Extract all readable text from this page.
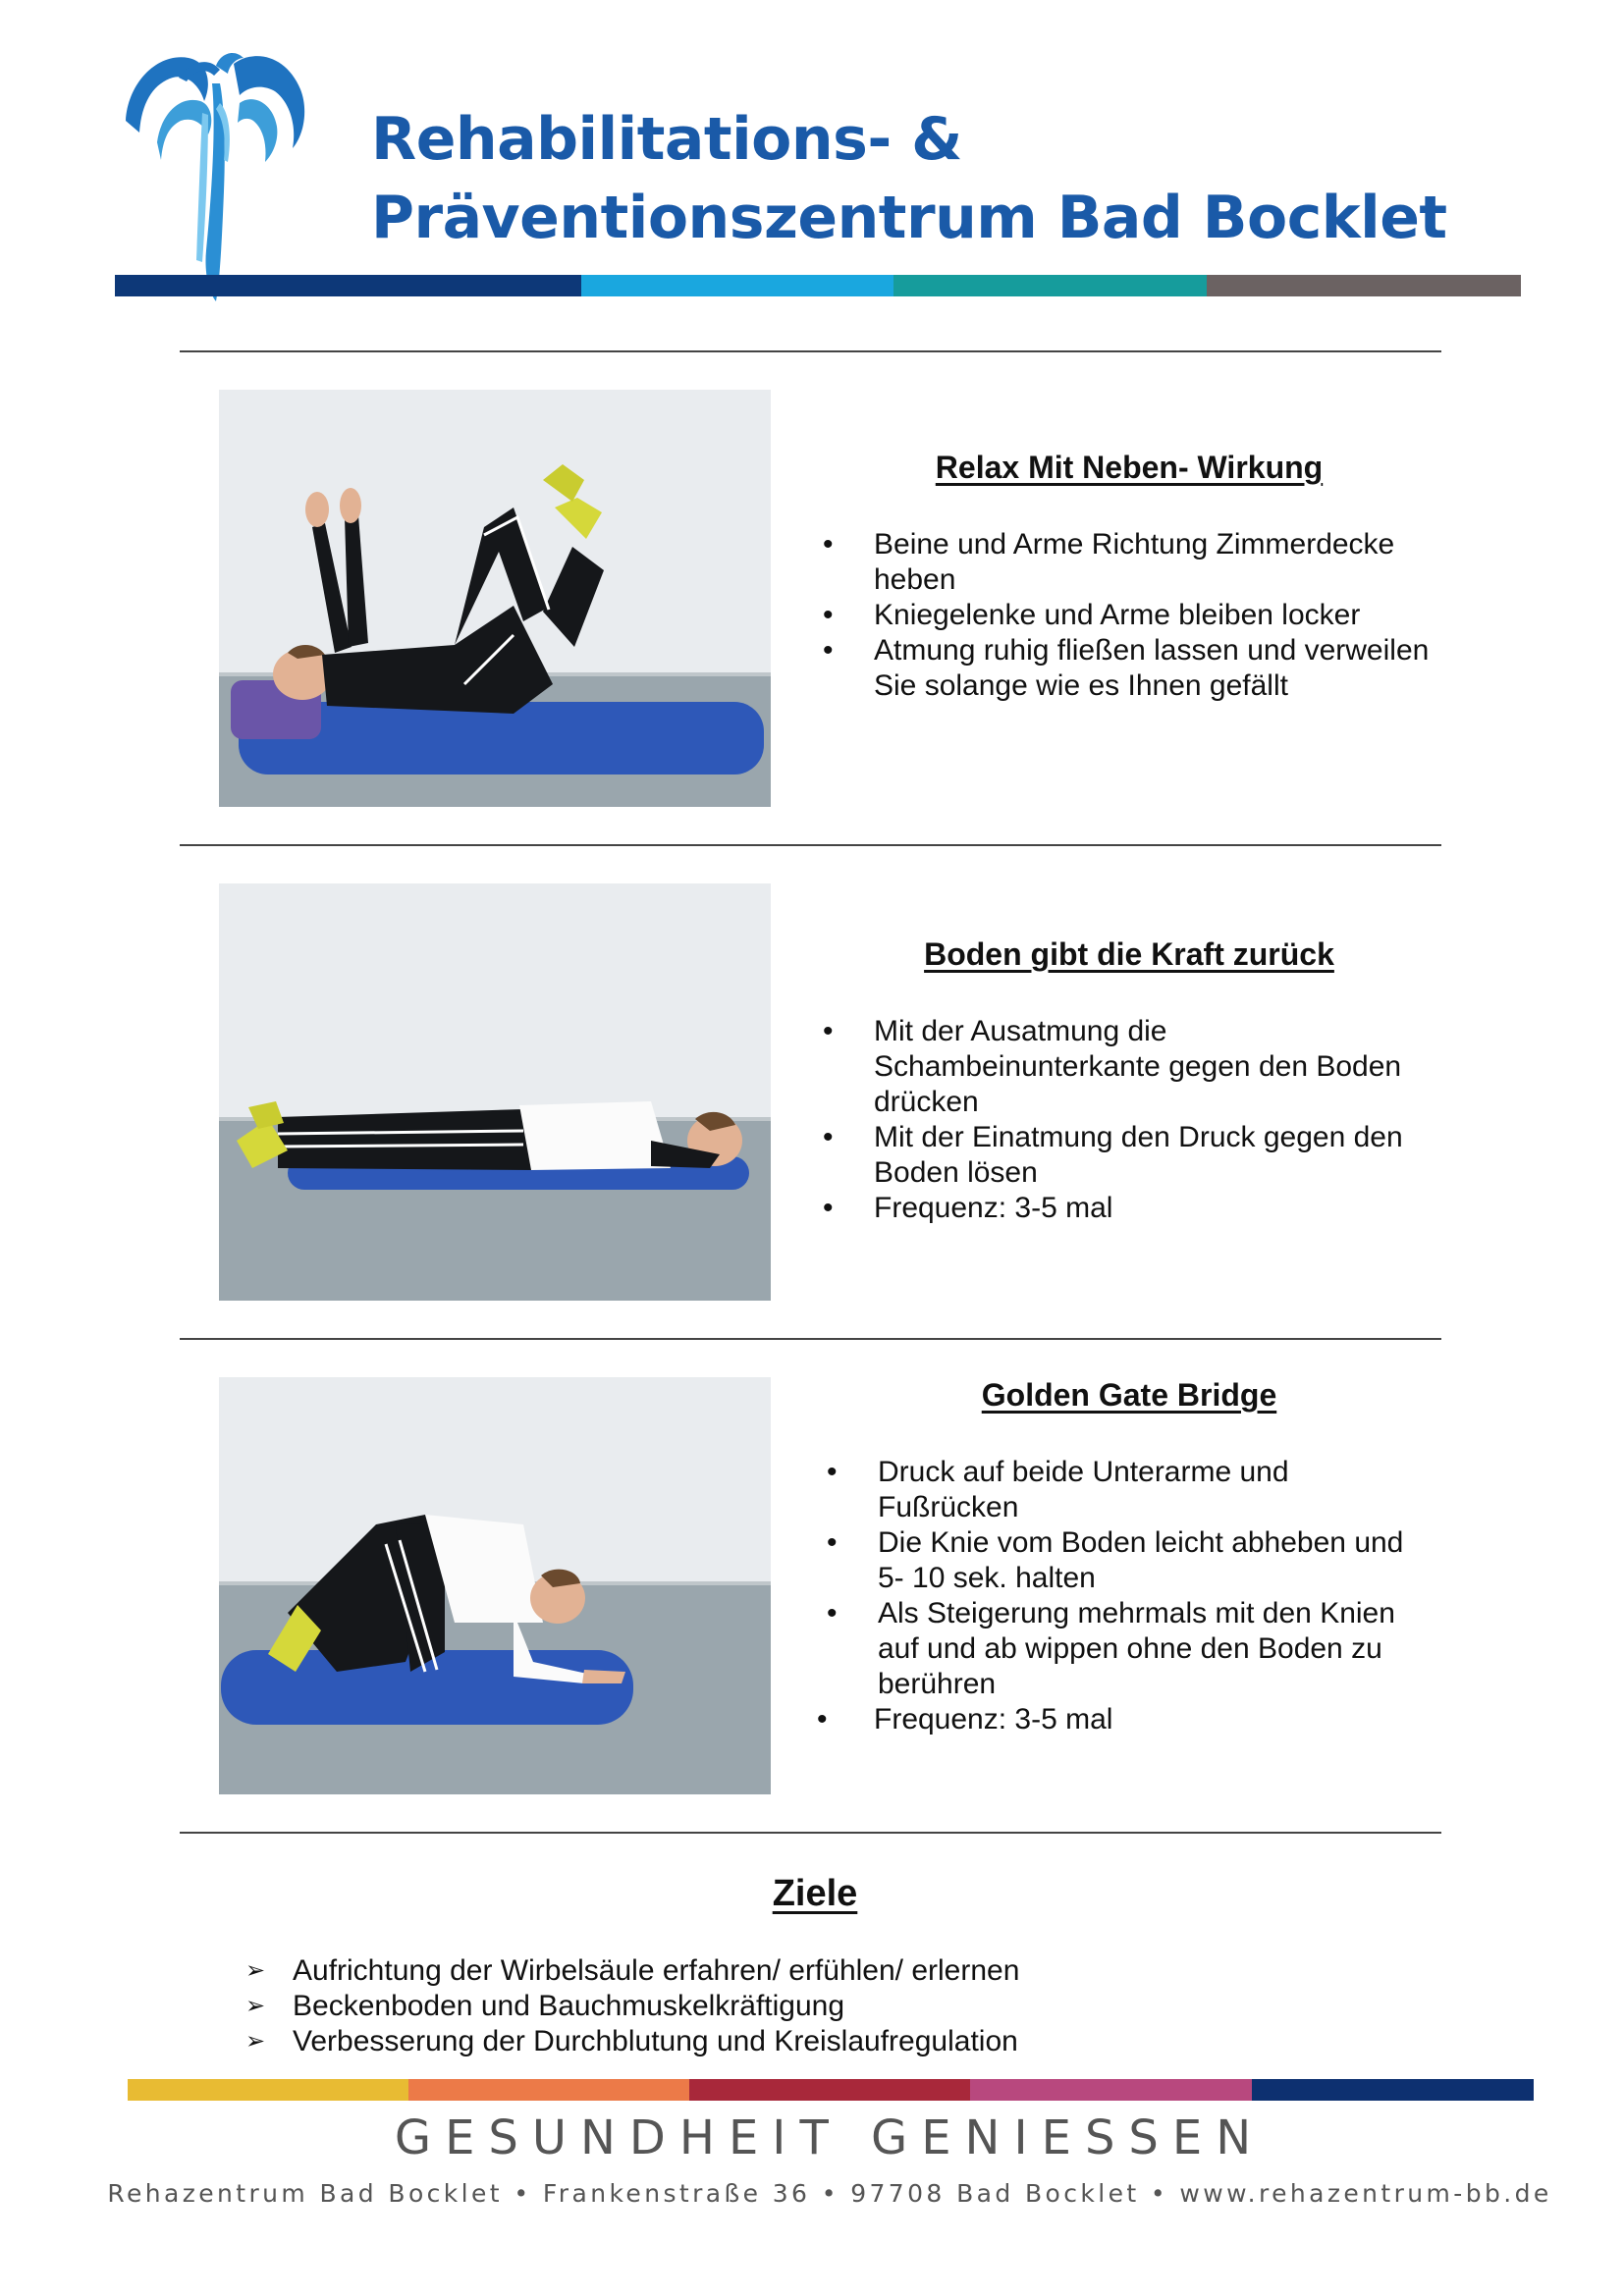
Rehabilitations- &
Präventionszentrum Bad Bocklet
Relax Mit Neben- Wirkung
• Beine und Arme Richtung Zimmerdecke heben
• Kniegelenke und Arme bleiben locker
• Atmung ruhig fließen lassen und verweilen Sie solange wie es Ihnen gefällt
Boden gibt die Kraft zurück
• Mit der Ausatmung die Schambeinunterkante gegen den Boden drücken
• Mit der Einatmung den Druck gegen den Boden lösen
• Frequenz: 3-5 mal
Golden Gate Bridge
• Druck auf beide Unterarme und Fußrücken
• Die Knie vom Boden leicht abheben und 5- 10 sek. halten
• Als Steigerung mehrmals mit den Knien auf und ab wippen ohne den Boden zu berühren
• Frequenz: 3-5 mal
Ziele
➢ Aufrichtung der Wirbelsäule erfahren/ erfühlen/ erlernen
➢ Beckenboden und Bauchmuskelkräftigung
➢ Verbesserung der Durchblutung und Kreislaufregulation
GESUNDHEIT GENIESSEN
Rehazentrum Bad Bocklet • Frankenstraße 36 • 97708 Bad Bocklet • www.rehazentrum-bb.de
